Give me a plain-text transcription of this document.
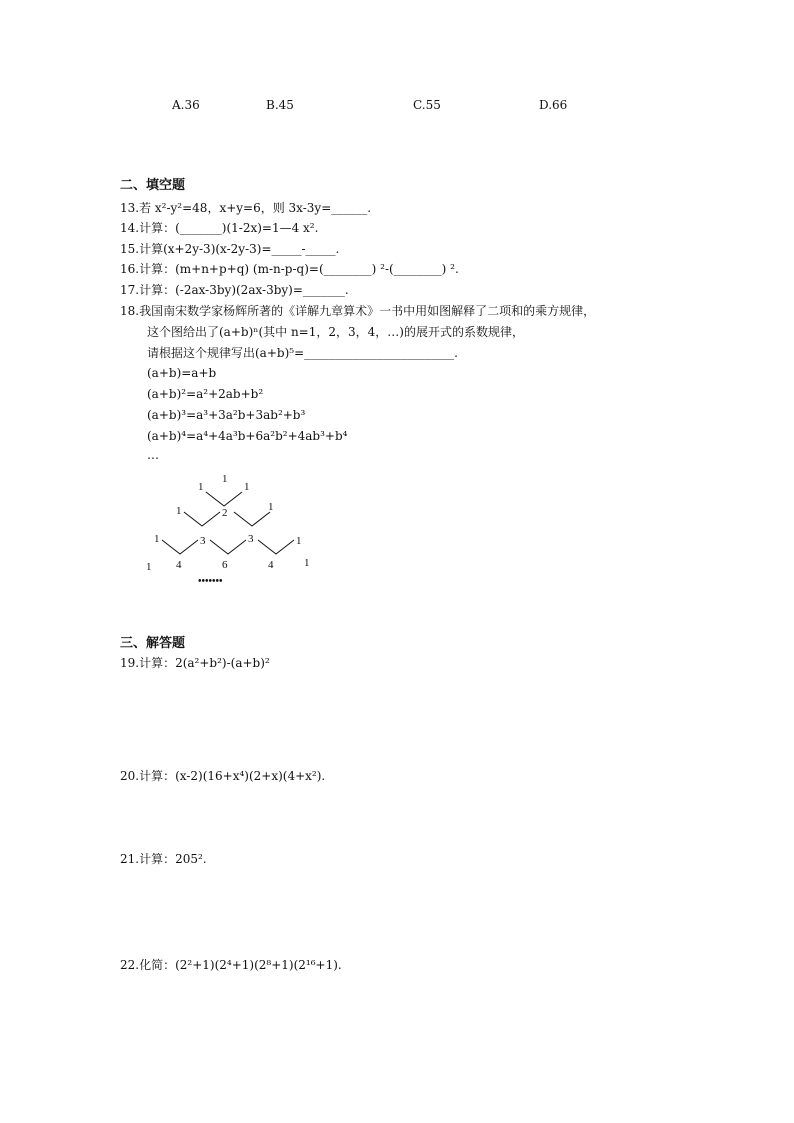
A.36	B.45	C.55	D.66
二、填空题
13.若 x²-y²=48，x+y=6，则 3x-3y=______.
14.计算：(_______)(1-2x)=1—4 x².
15.计算(x+2y-3)(x-2y-3)=_____-_____.
16.计算：(m+n+p+q) (m-n-p-q)=(________) ²-(________) ².
17.计算：(-2ax-3by)(2ax-3by)=_______.
18.我国南宋数学家杨辉所著的《详解九章算术》一书中用如图解释了二项和的乘方规律，
这个图给出了(a+b)ⁿ(其中 n=1，2，3，4，…)的展开式的系数规律，
请根据这个规律写出(a+b)⁵=_________________________.
(a+b)=a+b
(a+b)²=a²+2ab+b²
(a+b)³=a³+3a²b+3ab²+b³
(a+b)⁴=a⁴+4a³b+6a²b²+4ab³+b⁴
…
1
1	1
1	2	1
1	3	3	1
1 4	6	4	1
•••••••
三、解答题
19.计算：2(a²+b²)-(a+b)²
20.计算：(x-2)(16+x⁴)(2+x)(4+x²).
21.计算：205².
22.化简：(2²+1)(2⁴+1)(2⁸+1)(2¹⁶+1).
